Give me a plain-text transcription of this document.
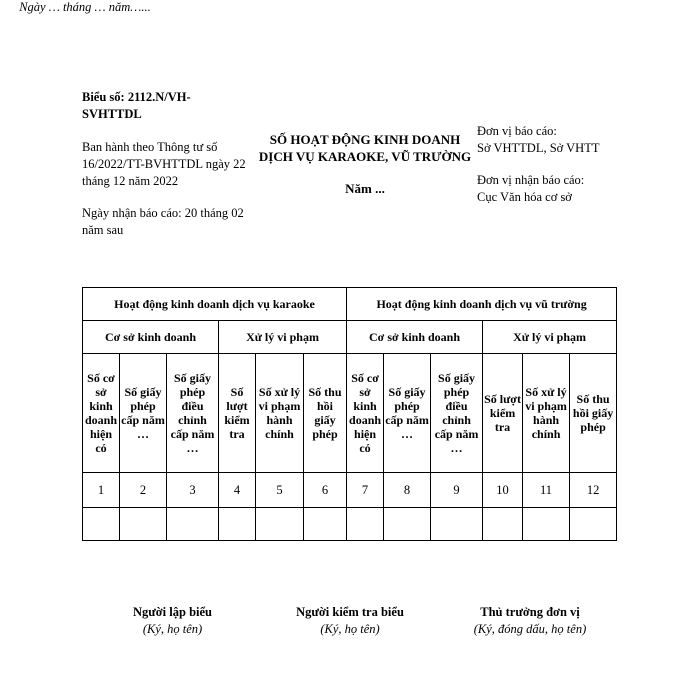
Biểu số: 2112.N/VH-SVHTTDL
Ban hành theo Thông tư số 16/2022/TT-BVHTTDL ngày 22 tháng 12 năm 2022
Ngày nhận báo cáo: 20 tháng 02 năm sau
SỐ HOẠT ĐỘNG KINH DOANH
DỊCH VỤ KARAOKE, VŨ TRƯỜNG
Năm ...
Đơn vị báo cáo:
Sở VHTTDL, Sở VHTT
Đơn vị nhận báo cáo:
Cục Văn hóa cơ sở
Hoạt động kinh doanh dịch vụ karaoke						Hoạt động kinh doanh dịch vụ vũ trường					
Cơ sở kinh doanh			Xử lý vi phạm			Cơ sở kinh doanh			Xử lý vi phạm		
Số cơ sở kinh doanh hiện có	Số giấy phép cấp năm …	Số giấy phép điều chỉnh cấp năm …	Số lượt kiểm tra	Số xử lý vi phạm hành chính	Số thu hồi giấy phép	Số cơ sở kinh doanh hiện có	Số giấy phép cấp năm …	Số giấy phép điều chỉnh cấp năm …	Số lượt kiểm tra	Số xử lý vi phạm hành chính	Số thu hồi giấy phép
1	2	3	4	5	6	7	8	9	10	11	12

Ngày … tháng … năm…...
Người lập biểu
(Ký, họ tên)
Người kiểm tra biểu
(Ký, họ tên)
Thủ trưởng đơn vị
(Ký, đóng dấu, họ tên)
